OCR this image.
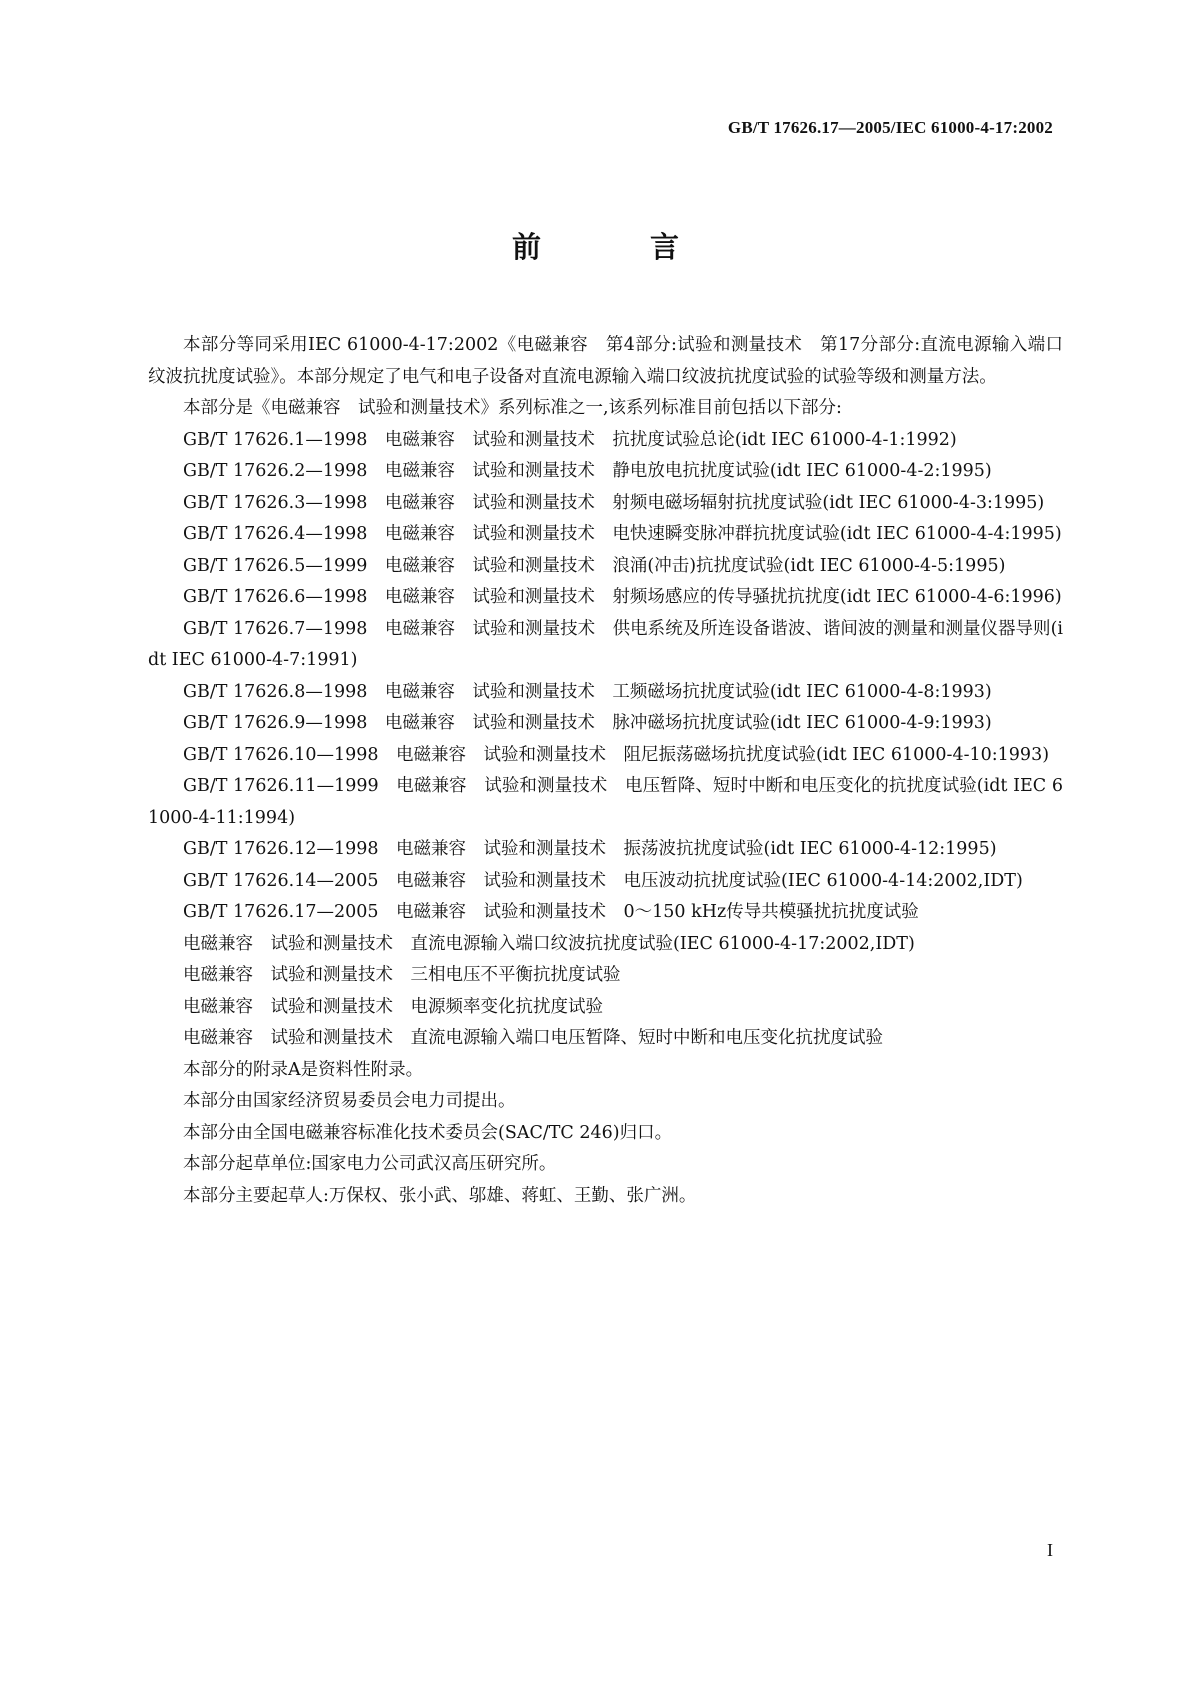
GB/T 17626.17—2005/IEC 61000-4-17:2002
前　言

本部分等同采用IEC 61000-4-17:2002《电磁兼容　第4部分:试验和测量技术　第17分部分:直流电源输入端口纹波抗扰度试验》。本部分规定了电气和电子设备对直流电源输入端口纹波抗扰度试验的试验等级和测量方法。

本部分是《电磁兼容　试验和测量技术》系列标准之一,该系列标准目前包括以下部分:

GB/T 17626.1—1998　电磁兼容　试验和测量技术　抗扰度试验总论(idt IEC 61000-4-1:1992)

GB/T 17626.2—1998　电磁兼容　试验和测量技术　静电放电抗扰度试验(idt IEC 61000-4-2:1995)

GB/T 17626.3—1998　电磁兼容　试验和测量技术　射频电磁场辐射抗扰度试验(idt IEC 61000-4-3:1995)

GB/T 17626.4—1998　电磁兼容　试验和测量技术　电快速瞬变脉冲群抗扰度试验(idt IEC 61000-4-4:1995)

GB/T 17626.5—1999　电磁兼容　试验和测量技术　浪涌(冲击)抗扰度试验(idt IEC 61000-4-5:1995)

GB/T 17626.6—1998　电磁兼容　试验和测量技术　射频场感应的传导骚扰抗扰度(idt IEC 61000-4-6:1996)

GB/T 17626.7—1998　电磁兼容　试验和测量技术　供电系统及所连设备谐波、谐间波的测量和测量仪器导则(idt IEC 61000-4-7:1991)

GB/T 17626.8—1998　电磁兼容　试验和测量技术　工频磁场抗扰度试验(idt IEC 61000-4-8:1993)

GB/T 17626.9—1998　电磁兼容　试验和测量技术　脉冲磁场抗扰度试验(idt IEC 61000-4-9:1993)

GB/T 17626.10—1998　电磁兼容　试验和测量技术　阻尼振荡磁场抗扰度试验(idt IEC 61000-4-10:1993)

GB/T 17626.11—1999　电磁兼容　试验和测量技术　电压暂降、短时中断和电压变化的抗扰度试验(idt IEC 61000-4-11:1994)

GB/T 17626.12—1998　电磁兼容　试验和测量技术　振荡波抗扰度试验(idt IEC 61000-4-12:1995)

GB/T 17626.14—2005　电磁兼容　试验和测量技术　电压波动抗扰度试验(IEC 61000-4-14:2002,IDT)

GB/T 17626.17—2005　电磁兼容　试验和测量技术　0～150 kHz传导共模骚扰抗扰度试验

电磁兼容　试验和测量技术　直流电源输入端口纹波抗扰度试验(IEC 61000-4-17:2002,IDT)

电磁兼容　试验和测量技术　三相电压不平衡抗扰度试验

电磁兼容　试验和测量技术　电源频率变化抗扰度试验

电磁兼容　试验和测量技术　直流电源输入端口电压暂降、短时中断和电压变化抗扰度试验

本部分的附录A是资料性附录。

本部分由国家经济贸易委员会电力司提出。

本部分由全国电磁兼容标准化技术委员会(SAC/TC 246)归口。

本部分起草单位:国家电力公司武汉高压研究所。

本部分主要起草人:万保权、张小武、邬雄、蒋虹、王勤、张广洲。

I
